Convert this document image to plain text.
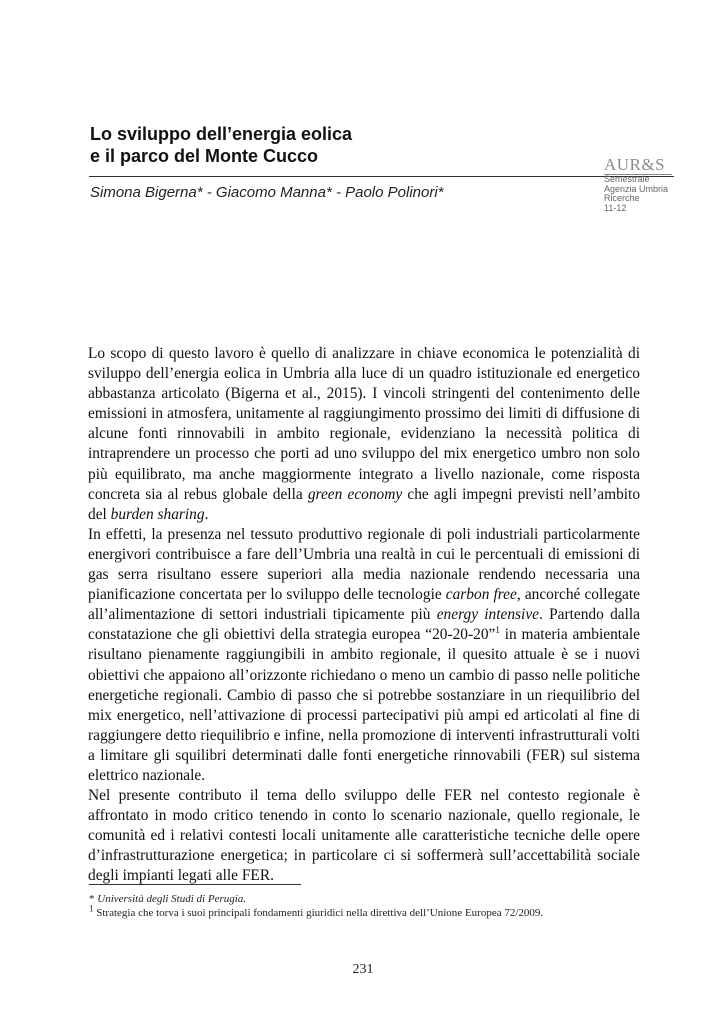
Lo sviluppo dell’energia eolica
e il parco del Monte Cucco
Simona Bigerna* - Giacomo Manna* - Paolo Polinori*
AUR&S
Semestrale
Agenzia Umbria
Ricerche
11-12

Lo scopo di questo lavoro è quello di analizzare in chiave economica le potenzialità di sviluppo dell’energia eolica in Umbria alla luce di un quadro istituzionale ed energetico abbastanza articolato (Bigerna et al., 2015). I vincoli stringenti del contenimento delle emissioni in atmosfera, unitamente al raggiungimento prossimo dei limiti di diffusione di alcune fonti rinnovabili in ambito regionale, evidenziano la necessità politica di intraprendere un processo che porti ad uno sviluppo del mix energetico umbro non solo più equilibrato, ma anche maggiormente integrato a livello nazionale, come risposta concreta sia al rebus globale della green economy che agli impegni previsti nell’ambito del burden sharing.

In effetti, la presenza nel tessuto produttivo regionale di poli industriali particolarmente energivori contribuisce a fare dell’Umbria una realtà in cui le percentuali di emissioni di gas serra risultano essere superiori alla media nazionale rendendo necessaria una pianificazione concertata per lo sviluppo delle tecnologie carbon free, ancorché collegate all’alimentazione di settori industriali tipicamente più energy intensive. Partendo dalla constatazione che gli obiettivi della strategia europea “20-20-20”$^1$ in materia ambientale risultano pienamente raggiungibili in ambito regionale, il quesito attuale è se i nuovi obiettivi che appaiono all’orizzonte richiedano o meno un cambio di passo nelle politiche energetiche regionali. Cambio di passo che si potrebbe sostanziare in un riequilibrio del mix energetico, nell’attivazione di processi partecipativi più ampi ed articolati al fine di raggiungere detto riequilibrio e infine, nella promozione di interventi infrastrutturali volti a limitare gli squilibri determinati dalle fonti energetiche rinnovabili (FER) sul sistema elettrico nazionale.

Nel presente contributo il tema dello sviluppo delle FER nel contesto regionale è affrontato in modo critico tenendo in conto lo scenario nazionale, quello regionale, le comunità ed i relativi contesti locali unitamente alle caratteristiche tecniche delle opere d’infrastrutturazione energetica; in particolare ci si soffermerà sull’accettabilità sociale degli impianti legati alle FER.

* Università degli Studi di Perugia.
$^1$ Strategia che torva i suoi principali fondamenti giuridici nella direttiva dell’Unione Europea 72/2009.
231
